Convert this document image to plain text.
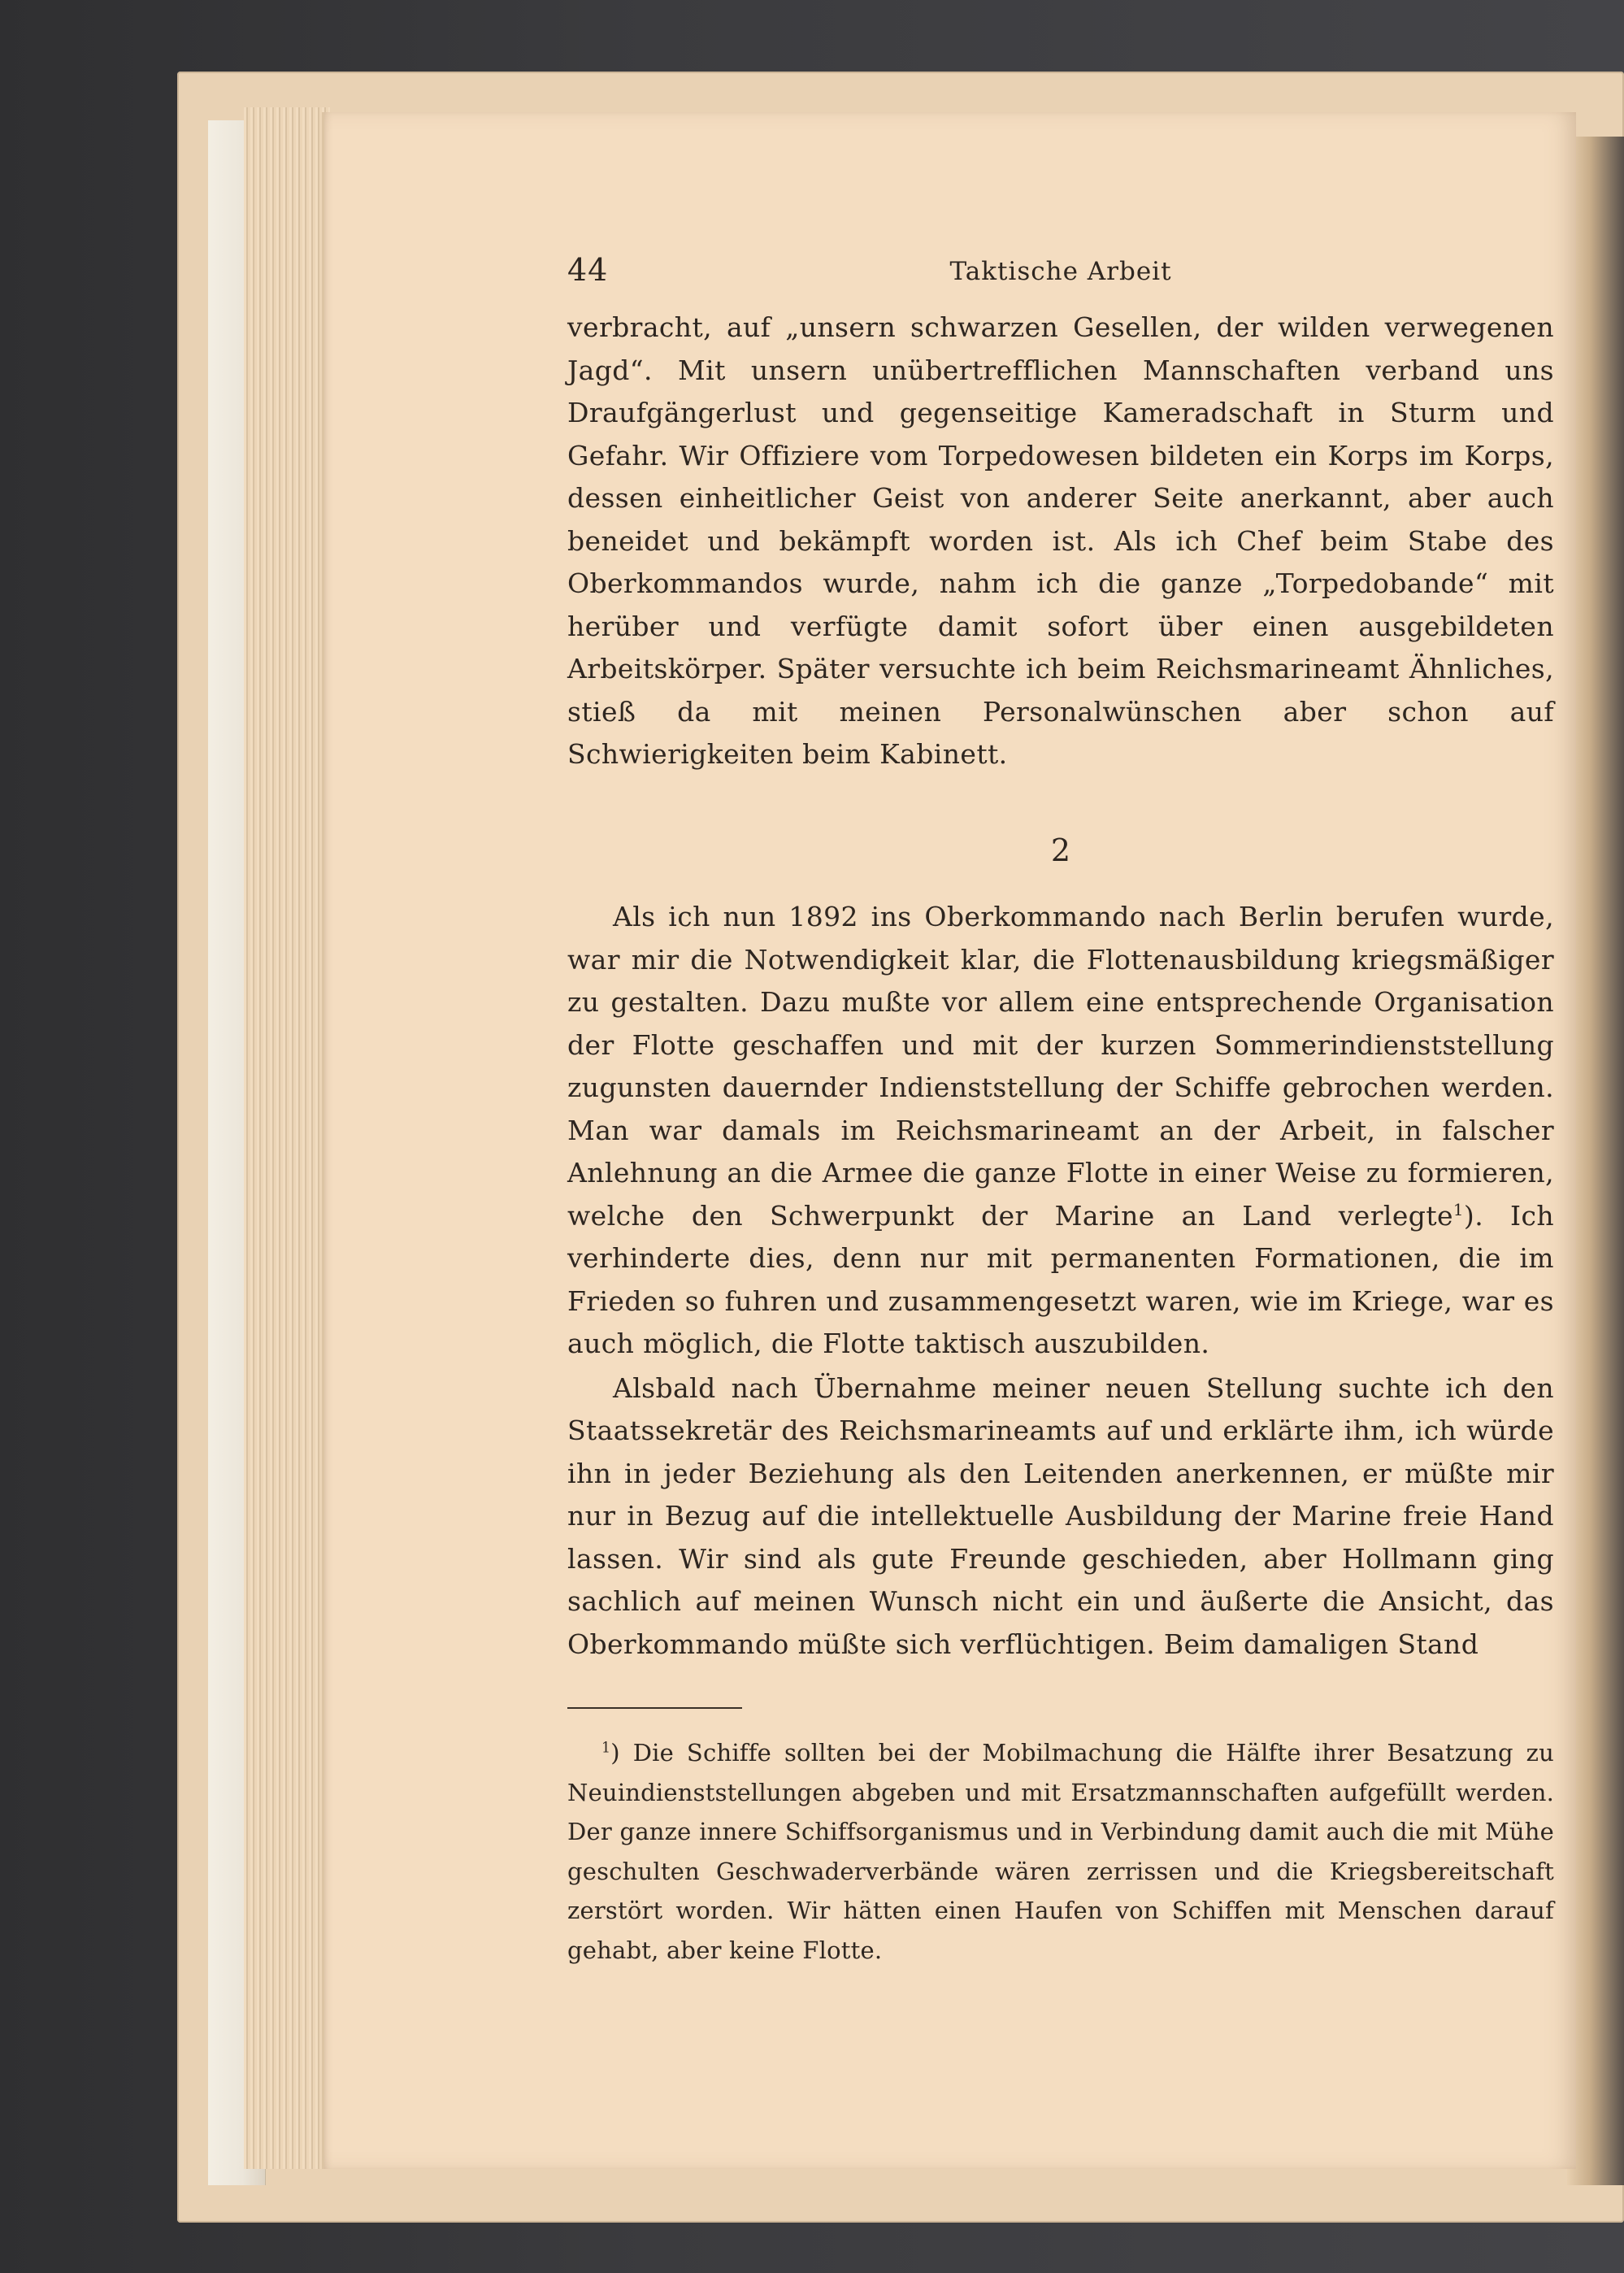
44	Taktische Arbeit

verbracht, auf „unsern schwarzen Gesellen, der wilden verwegenen Jagd“. Mit unsern unübertrefflichen Mannschaften verband uns Draufgängerlust und gegenseitige Kameradschaft in Sturm und Gefahr. Wir Offiziere vom Torpedowesen bildeten ein Korps im Korps, dessen einheitlicher Geist von anderer Seite anerkannt, aber auch beneidet und bekämpft worden ist. Als ich Chef beim Stabe des Oberkommandos wurde, nahm ich die ganze „Torpedobande“ mit herüber und verfügte damit sofort über einen ausgebildeten Arbeitskörper. Später versuchte ich beim Reichsmarineamt Ähnliches, stieß da mit meinen Personalwünschen aber schon auf Schwierigkeiten beim Kabinett.

2

Als ich nun 1892 ins Oberkommando nach Berlin berufen wurde, war mir die Notwendigkeit klar, die Flottenausbildung kriegsmäßiger zu gestalten. Dazu mußte vor allem eine entsprechende Organisation der Flotte geschaffen und mit der kurzen Sommerindienststellung zugunsten dauernder Indienststellung der Schiffe gebrochen werden. Man war damals im Reichsmarineamt an der Arbeit, in falscher Anlehnung an die Armee die ganze Flotte in einer Weise zu formieren, welche den Schwerpunkt der Marine an Land verlegte$^1$). Ich verhinderte dies, denn nur mit permanenten Formationen, die im Frieden so fuhren und zusammengesetzt waren, wie im Kriege, war es auch möglich, die Flotte taktisch auszubilden.

Alsbald nach Übernahme meiner neuen Stellung suchte ich den Staatssekretär des Reichsmarineamts auf und erklärte ihm, ich würde ihn in jeder Beziehung als den Leitenden anerkennen, er müßte mir nur in Bezug auf die intellektuelle Ausbildung der Marine freie Hand lassen. Wir sind als gute Freunde geschieden, aber Hollmann ging sachlich auf meinen Wunsch nicht ein und äußerte die Ansicht, das Oberkommando müßte sich verflüchtigen. Beim damaligen Stand

$^1$) Die Schiffe sollten bei der Mobilmachung die Hälfte ihrer Besatzung zu Neuindienststellungen abgeben und mit Ersatzmannschaften aufgefüllt werden. Der ganze innere Schiffsorganismus und in Verbindung damit auch die mit Mühe geschulten Geschwaderverbände wären zerrissen und die Kriegsbereitschaft zerstört worden. Wir hätten einen Haufen von Schiffen mit Menschen darauf gehabt, aber keine Flotte.
